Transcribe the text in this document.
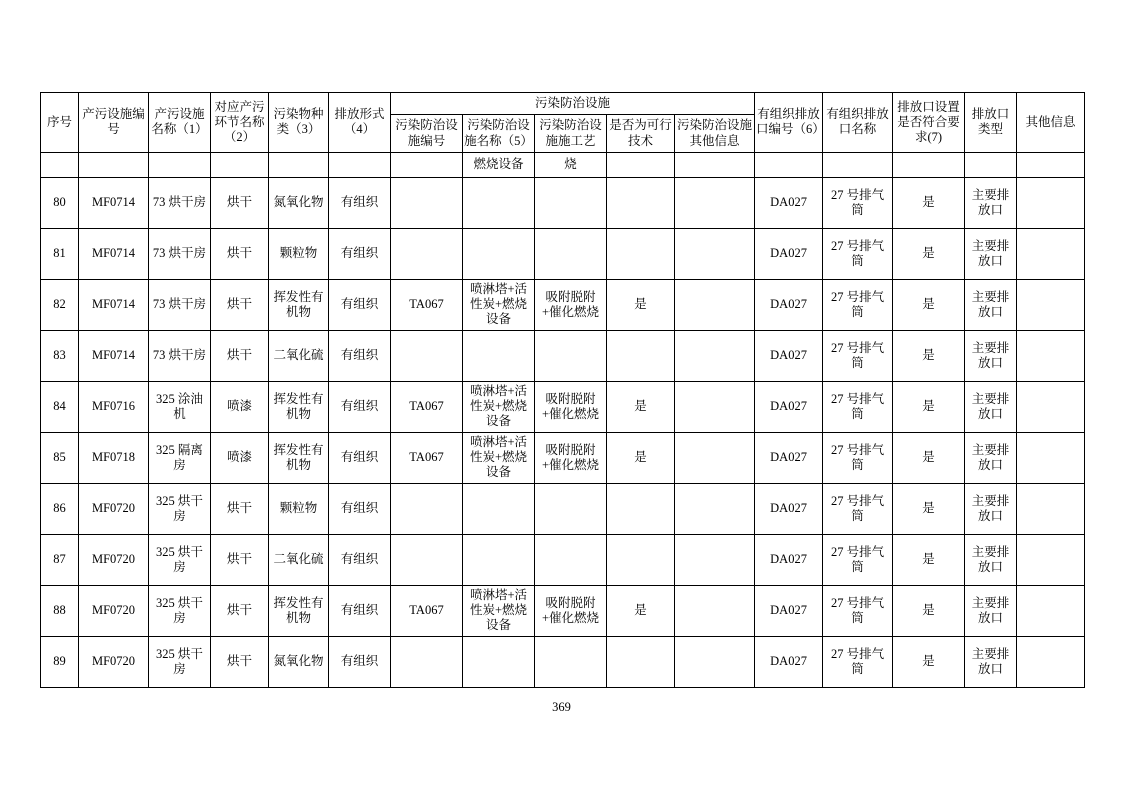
序号	产污设施编号	产污设施名称（1）	对应产污环节名称（2）	污染物种类（3）	排放形式（4）	污染防治设施					有组织排放口编号（6）	有组织排放口名称	排放口设置是否符合要求(7)	排放口类型	其他信息
						污染防治设施编号	污染防治设施名称（5）	污染防治设施施工艺	是否为可行技术	污染防治设施其他信息					
							燃烧设备	烧							
80	MF0714	73 烘干房	烘干	氮氧化物	有组织						DA027	27 号排气筒	是	主要排放口	
81	MF0714	73 烘干房	烘干	颗粒物	有组织						DA027	27 号排气筒	是	主要排放口	
82	MF0714	73 烘干房	烘干	挥发性有机物	有组织	TA067	喷淋塔+活性炭+燃烧设备	吸附脱附+催化燃烧	是		DA027	27 号排气筒	是	主要排放口	
83	MF0714	73 烘干房	烘干	二氧化硫	有组织						DA027	27 号排气筒	是	主要排放口	
84	MF0716	325 涂油机	喷漆	挥发性有机物	有组织	TA067	喷淋塔+活性炭+燃烧设备	吸附脱附+催化燃烧	是		DA027	27 号排气筒	是	主要排放口	
85	MF0718	325 隔离房	喷漆	挥发性有机物	有组织	TA067	喷淋塔+活性炭+燃烧设备	吸附脱附+催化燃烧	是		DA027	27 号排气筒	是	主要排放口	
86	MF0720	325 烘干房	烘干	颗粒物	有组织						DA027	27 号排气筒	是	主要排放口	
87	MF0720	325 烘干房	烘干	二氧化硫	有组织						DA027	27 号排气筒	是	主要排放口	
88	MF0720	325 烘干房	烘干	挥发性有机物	有组织	TA067	喷淋塔+活性炭+燃烧设备	吸附脱附+催化燃烧	是		DA027	27 号排气筒	是	主要排放口	
89	MF0720	325 烘干房	烘干	氮氧化物	有组织						DA027	27 号排气筒	是	主要排放口	
369
